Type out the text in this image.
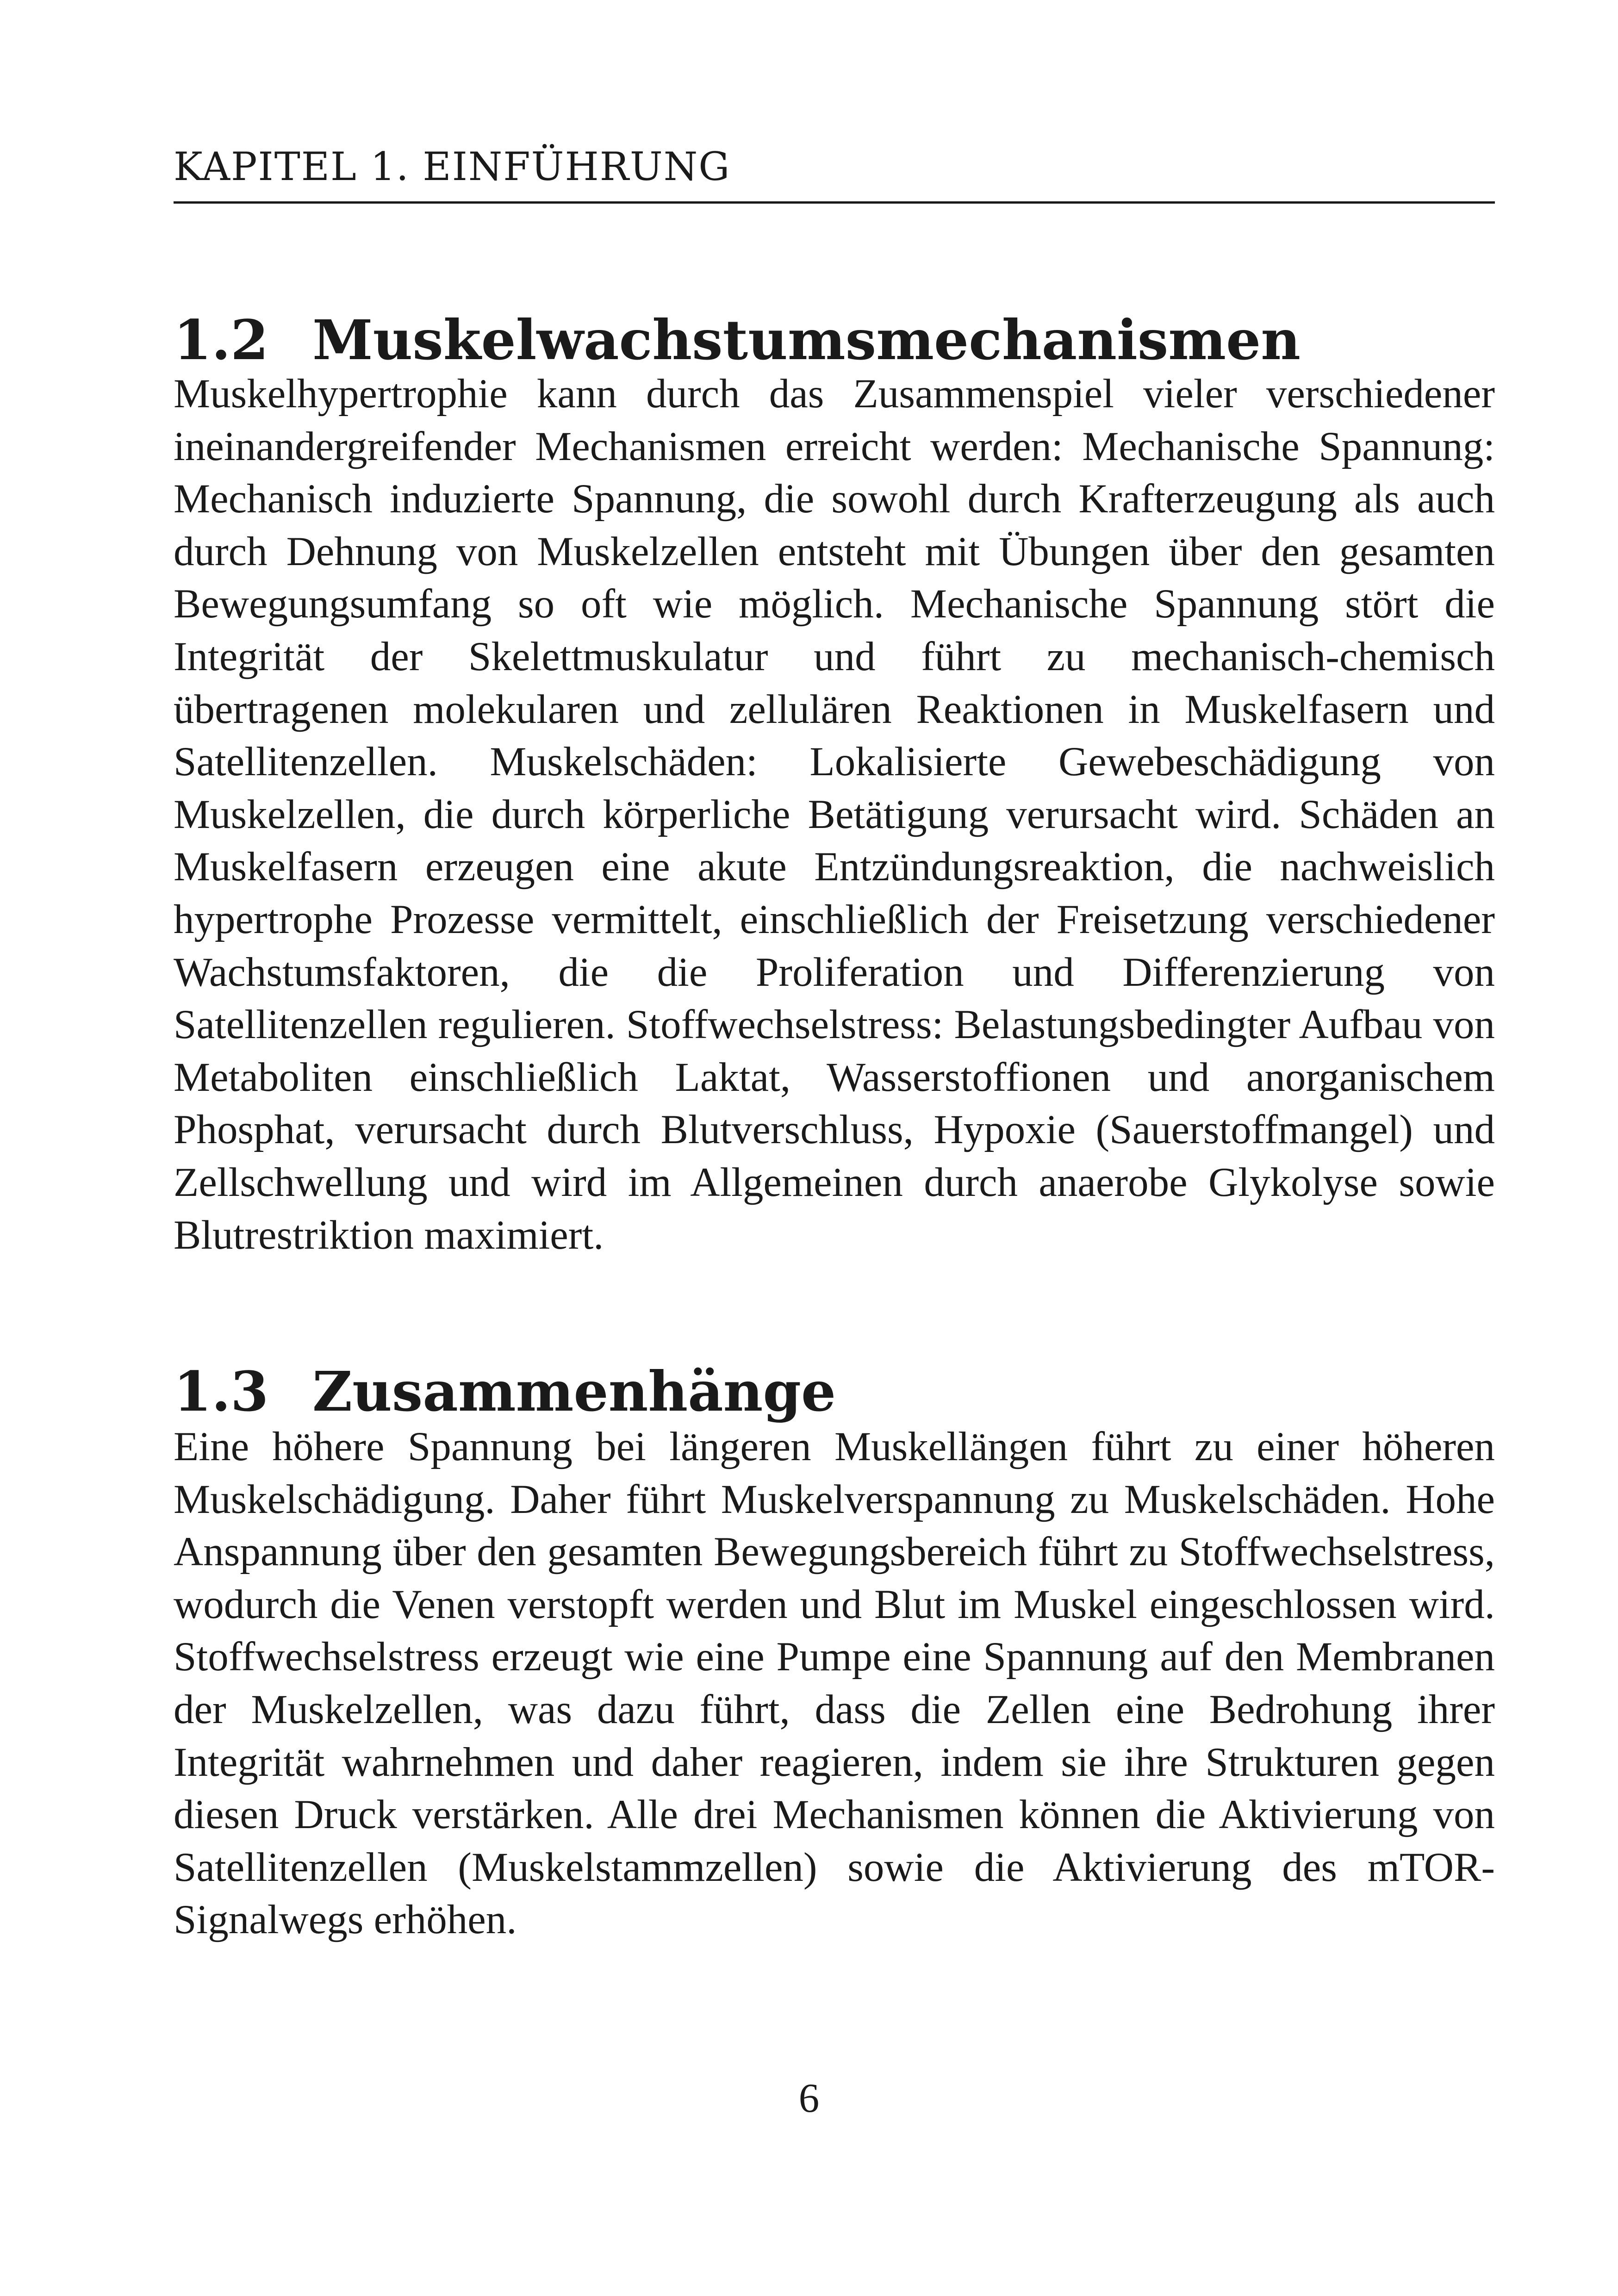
KAPITEL 1. EINFÜHRUNG
1.2 Muskelwachstumsmechanismen

Muskelhypertrophie kann durch das Zusammenspiel vieler verschiedener ineinandergreifender Mechanismen erreicht werden: Mechanische Spannung: Mechanisch induzierte Spannung, die sowohl durch Krafterzeugung als auch durch Dehnung von Muskelzellen entsteht mit Übungen über den gesamten Bewegungsumfang so oft wie möglich. Mechanische Spannung stört die Integrität der Skelettmuskulatur und führt zu mechanisch-chemisch übertragenen molekularen und zellulären Reaktionen in Muskelfasern und Satellitenzellen. Muskelschäden: Lokalisierte Gewebeschädigung von Muskelzellen, die durch körperliche Betätigung verursacht wird. Schäden an Muskelfasern erzeugen eine akute Entzündungsreaktion, die nachweislich hypertrophe Prozesse vermittelt, einschließlich der Freisetzung verschiedener Wachstumsfaktoren, die die Proliferation und Differenzierung von Satellitenzellen regulieren. Stoffwechselstress: Belastungsbedingter Aufbau von Metaboliten einschließlich Laktat, Wasserstoffionen und anorganischem Phosphat, verursacht durch Blutverschluss, Hypoxie (Sauerstoffmangel) und Zellschwellung und wird im Allgemeinen durch anaerobe Glykolyse sowie Blutrestriktion maximiert.

1.3 Zusammenhänge

Eine höhere Spannung bei längeren Muskellängen führt zu einer höheren Muskelschädigung. Daher führt Muskelverspannung zu Muskelschäden. Hohe Anspannung über den gesamten Bewegungsbereich führt zu Stoffwechselstress, wodurch die Venen verstopft werden und Blut im Muskel eingeschlossen wird. Stoffwechselstress erzeugt wie eine Pumpe eine Spannung auf den Membranen der Muskelzellen, was dazu führt, dass die Zellen eine Bedrohung ihrer Integrität wahrnehmen und daher reagieren, indem sie ihre Strukturen gegen diesen Druck verstärken. Alle drei Mechanismen können die Aktivierung von Satellitenzellen (Muskelstammzellen) sowie die Aktivierung des mTOR-Signalwegs erhöhen.

6
